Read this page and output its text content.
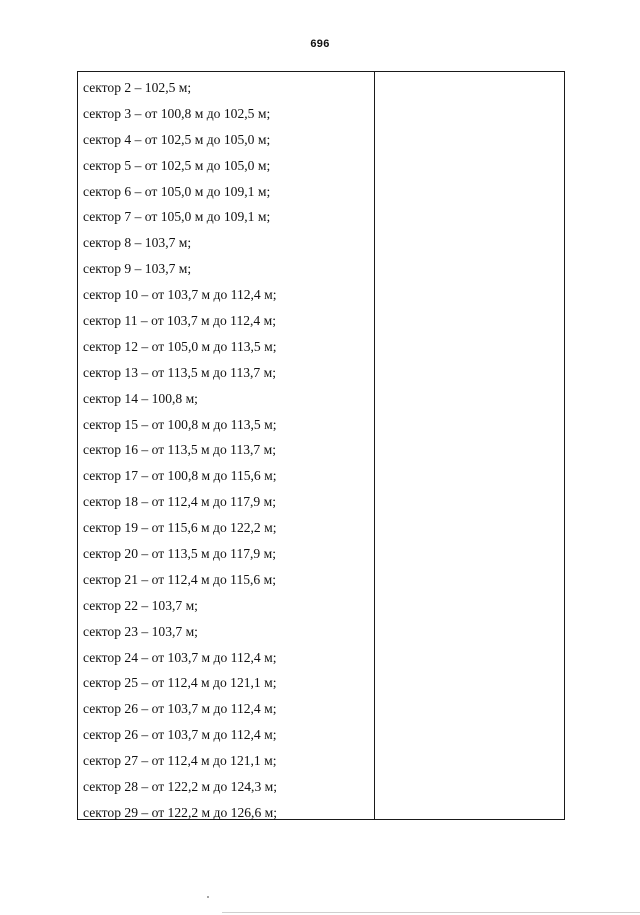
696
сектор 2 – 102,5 м;
сектор 3 – от 100,8 м до 102,5 м;
сектор 4 – от 102,5 м до 105,0 м;
сектор 5 – от 102,5 м до 105,0 м;
сектор 6 – от 105,0 м до 109,1 м;
сектор 7 – от 105,0 м до 109,1 м;
сектор 8 – 103,7 м;
сектор 9 – 103,7 м;
сектор 10 – от 103,7 м до 112,4 м;
сектор 11 – от 103,7 м до 112,4 м;
сектор 12 – от 105,0 м до 113,5 м;
сектор 13 – от 113,5 м до 113,7 м;
сектор 14 – 100,8 м;
сектор 15 – от 100,8 м до 113,5 м;
сектор 16 – от 113,5 м до 113,7 м;
сектор 17 – от 100,8 м до 115,6 м;
сектор 18 – от 112,4 м до 117,9 м;
сектор 19 – от 115,6 м до 122,2 м;
сектор 20 – от 113,5 м до 117,9 м;
сектор 21 – от 112,4 м до 115,6 м;
сектор 22 – 103,7 м;
сектор 23 – 103,7 м;
сектор 24 – от 103,7 м до 112,4 м;
сектор 25 – от 112,4 м до 121,1 м;
сектор 26 – от 103,7 м до 112,4 м;
сектор 26 – от 103,7 м до 112,4 м;
сектор 27 – от 112,4 м до 121,1 м;
сектор 28 – от 122,2 м до 124,3 м;
сектор 29 – от 122,2 м до 126,6 м;
